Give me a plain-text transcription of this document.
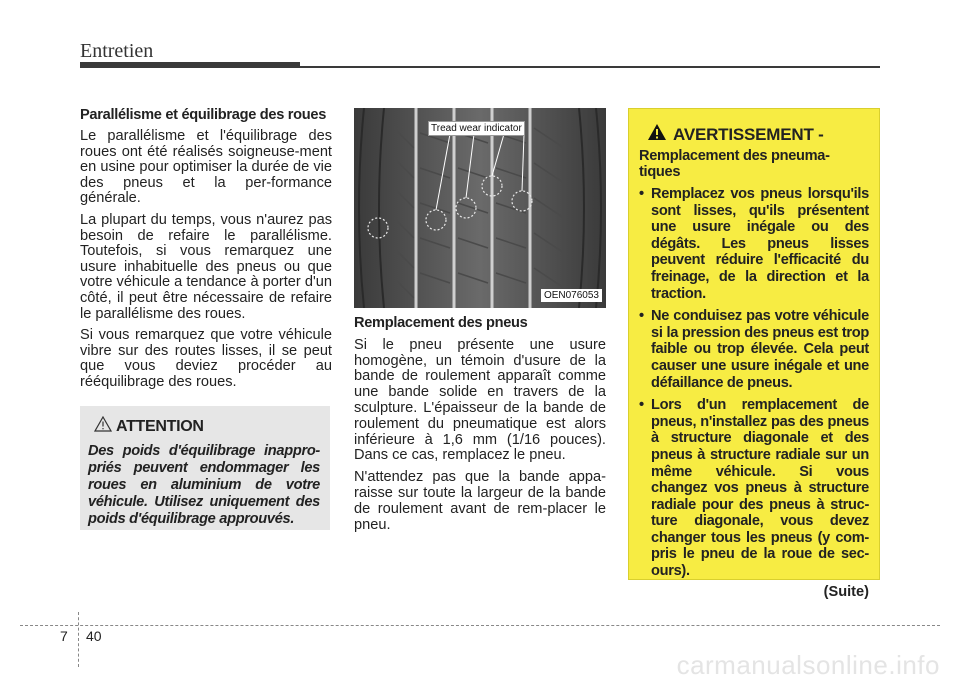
Entretien
Parallélisme et équilibrage des roues

Le parallélisme et l'équilibrage des roues ont été réalisés soigneuse-ment en usine pour optimiser la durée de vie des pneus et la per-formance générale.

La plupart du temps, vous n'aurez pas besoin de refaire le parallélisme. Toutefois, si vous remarquez une usure inhabituelle des pneus ou que votre véhicule a tendance à porter d'un côté, il peut être nécessaire de refaire le parallélisme des roues.

Si vous remarquez que votre véhicule vibre sur des routes lisses, il se peut que vous deviez procéder au rééquilibrage des roues.

ATTENTION
Des poids d'équilibrage inappro-priés peuvent endommager les roues en aluminium de votre véhicule. Utilisez uniquement des poids d'équilibrage approuvés.
Tread wear indicator
OEN076053
Remplacement des pneus

Si le pneu présente une usure homogène, un témoin d'usure de la bande de roulement apparaît comme une bande solide en travers de la sculpture. L'épaisseur de la bande de roulement du pneumatique est alors inférieure à 1,6 mm (1/16 pouces). Dans ce cas, remplacez le pneu.

N'attendez pas que la bande appa-raisse sur toute la largeur de la bande de roulement avant de rem-placer le pneu.

AVERTISSEMENT -
Remplacement des pneuma-tiques
• Remplacez vos pneus lorsqu'ils sont lisses, qu'ils présentent une usure inégale ou des dégâts. Les pneus lisses peuvent réduire l'efficacité du freinage, de la direction et la traction.
• Ne conduisez pas votre véhicule si la pression des pneus est trop faible ou trop élevée. Cela peut causer une usure inégale et une défaillance de pneus.
• Lors d'un remplacement de pneus, n'installez pas des pneus à structure diagonale et des pneus à structure radiale sur un même véhicule. Si vous changez vos pneus à structure radiale pour des pneus à struc-ture diagonale, vous devez changer tous les pneus (y com-pris le pneu de la roue de sec-ours).
(Suite)
7 40
carmanualsonline.info
